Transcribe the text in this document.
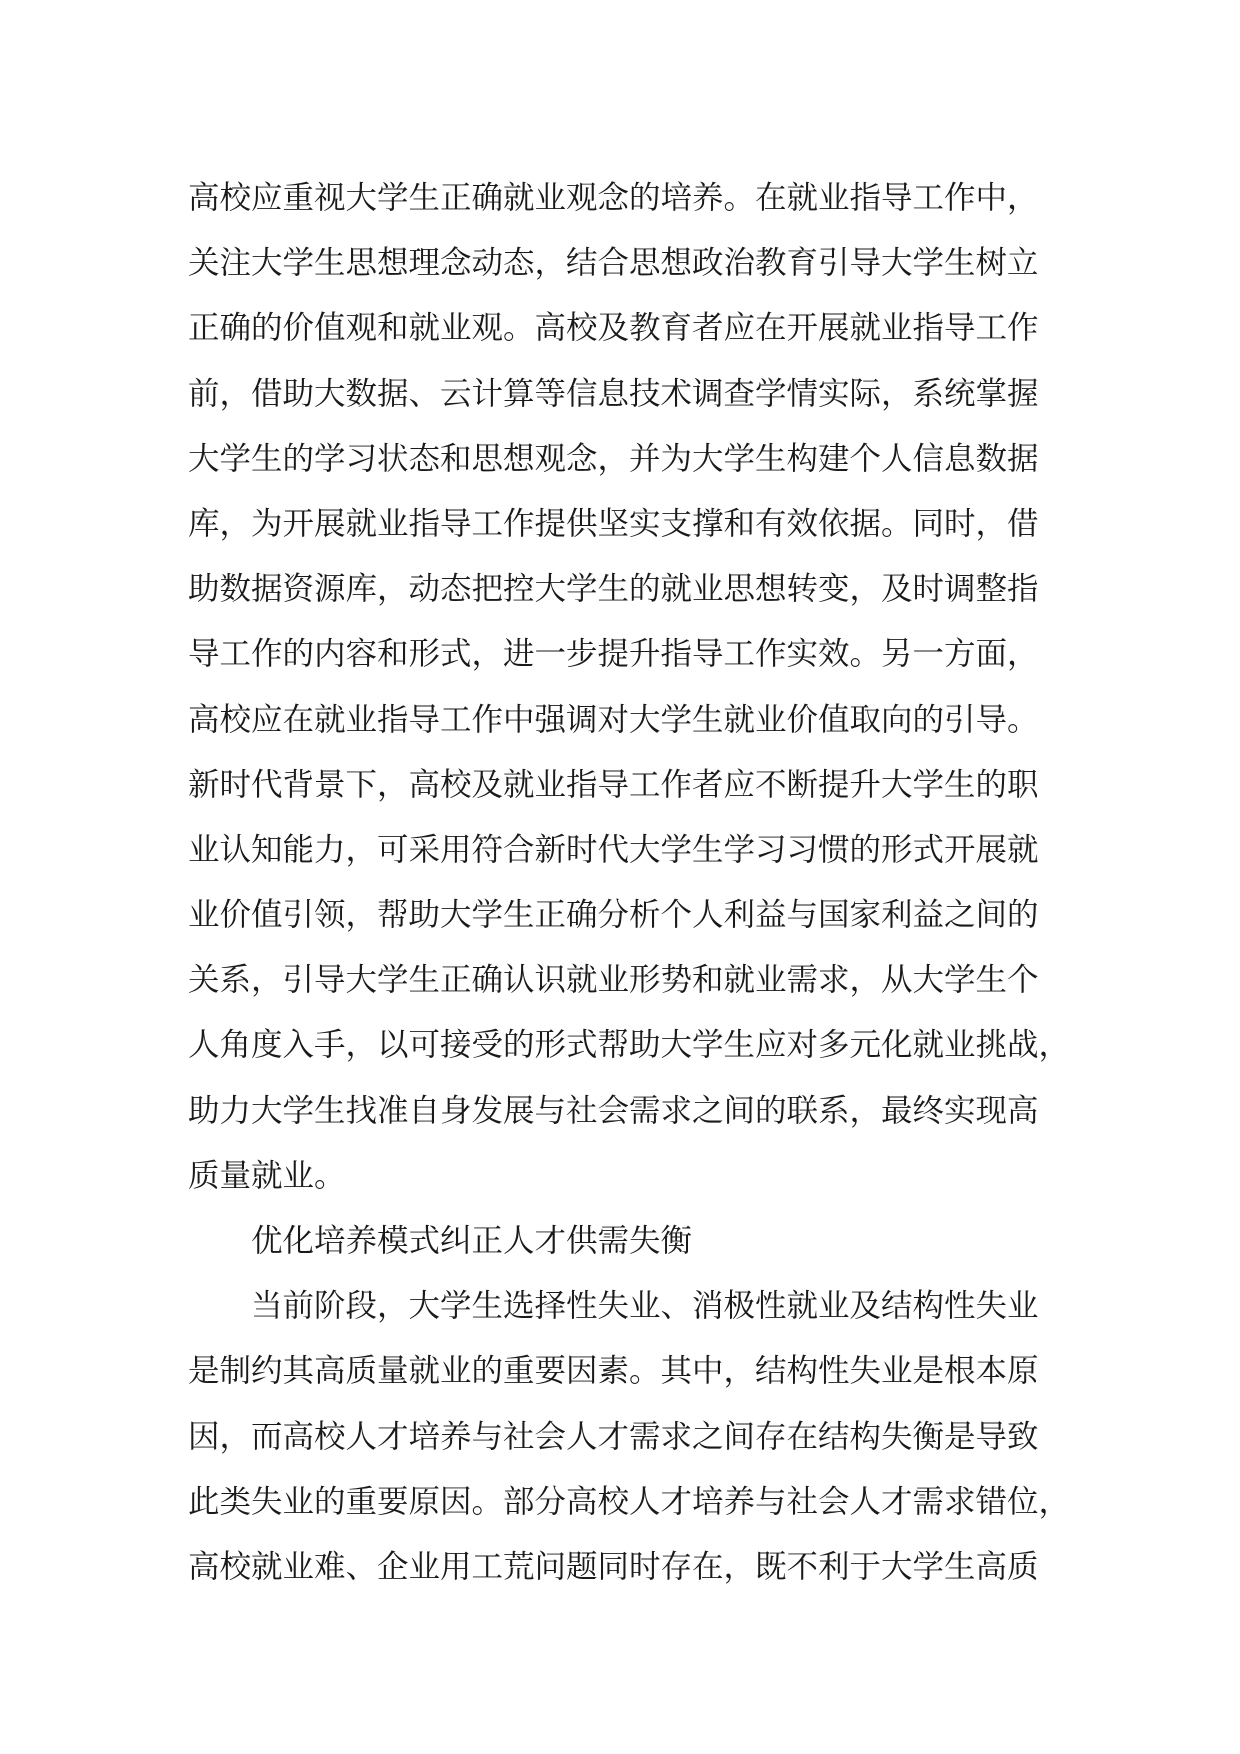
高校应重视大学生正确就业观念的培养。在就业指导工作中，
关注大学生思想理念动态，结合思想政治教育引导大学生树立
正确的价值观和就业观。高校及教育者应在开展就业指导工作
前，借助大数据、云计算等信息技术调查学情实际，系统掌握
大学生的学习状态和思想观念，并为大学生构建个人信息数据
库，为开展就业指导工作提供坚实支撑和有效依据。同时，借
助数据资源库，动态把控大学生的就业思想转变，及时调整指
导工作的内容和形式，进一步提升指导工作实效。另一方面，
高校应在就业指导工作中强调对大学生就业价值取向的引导。
新时代背景下，高校及就业指导工作者应不断提升大学生的职
业认知能力，可采用符合新时代大学生学习习惯的形式开展就
业价值引领，帮助大学生正确分析个人利益与国家利益之间的
关系，引导大学生正确认识就业形势和就业需求，从大学生个
人角度入手，以可接受的形式帮助大学生应对多元化就业挑战，
助力大学生找准自身发展与社会需求之间的联系，最终实现高
质量就业。
优化培养模式纠正人才供需失衡
当前阶段，大学生选择性失业、消极性就业及结构性失业
是制约其高质量就业的重要因素。其中，结构性失业是根本原
因，而高校人才培养与社会人才需求之间存在结构失衡是导致
此类失业的重要原因。部分高校人才培养与社会人才需求错位，
高校就业难、企业用工荒问题同时存在，既不利于大学生高质
